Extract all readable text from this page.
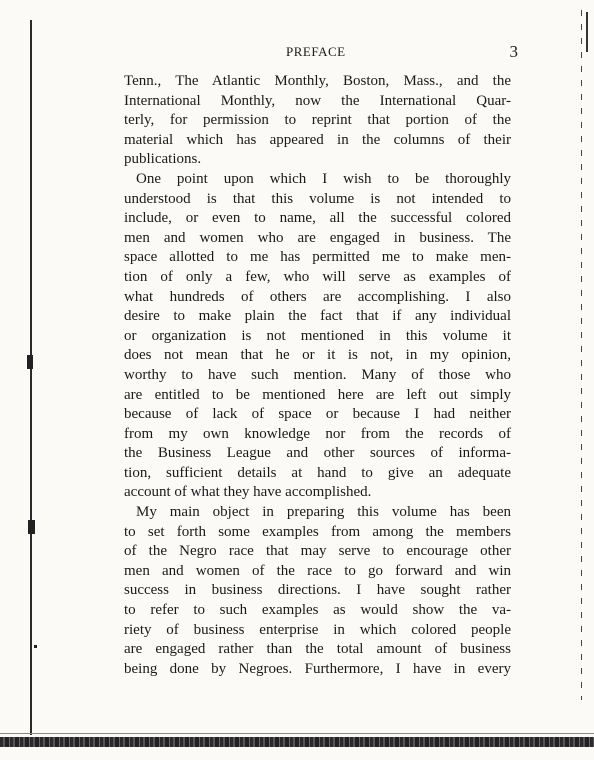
PREFACE	3
Tenn., The Atlantic Monthly, Boston, Mass., and the
International Monthly, now the International Quar-
terly, for permission to reprint that portion of the
material which has appeared in the columns of their
publications.
One point upon which I wish to be thoroughly
understood is that this volume is not intended to
include, or even to name, all the successful colored
men and women who are engaged in business. The
space allotted to me has permitted me to make men-
tion of only a few, who will serve as examples of
what hundreds of others are accomplishing. I also
desire to make plain the fact that if any individual
or organization is not mentioned in this volume it
does not mean that he or it is not, in my opinion,
worthy to have such mention. Many of those who
are entitled to be mentioned here are left out simply
because of lack of space or because I had neither
from my own knowledge nor from the records of
the Business League and other sources of informa-
tion, sufficient details at hand to give an adequate
account of what they have accomplished.
My main object in preparing this volume has been
to set forth some examples from among the members
of the Negro race that may serve to encourage other
men and women of the race to go forward and win
success in business directions. I have sought rather
to refer to such examples as would show the va-
riety of business enterprise in which colored people
are engaged rather than the total amount of business
being done by Negroes. Furthermore, I have in every
